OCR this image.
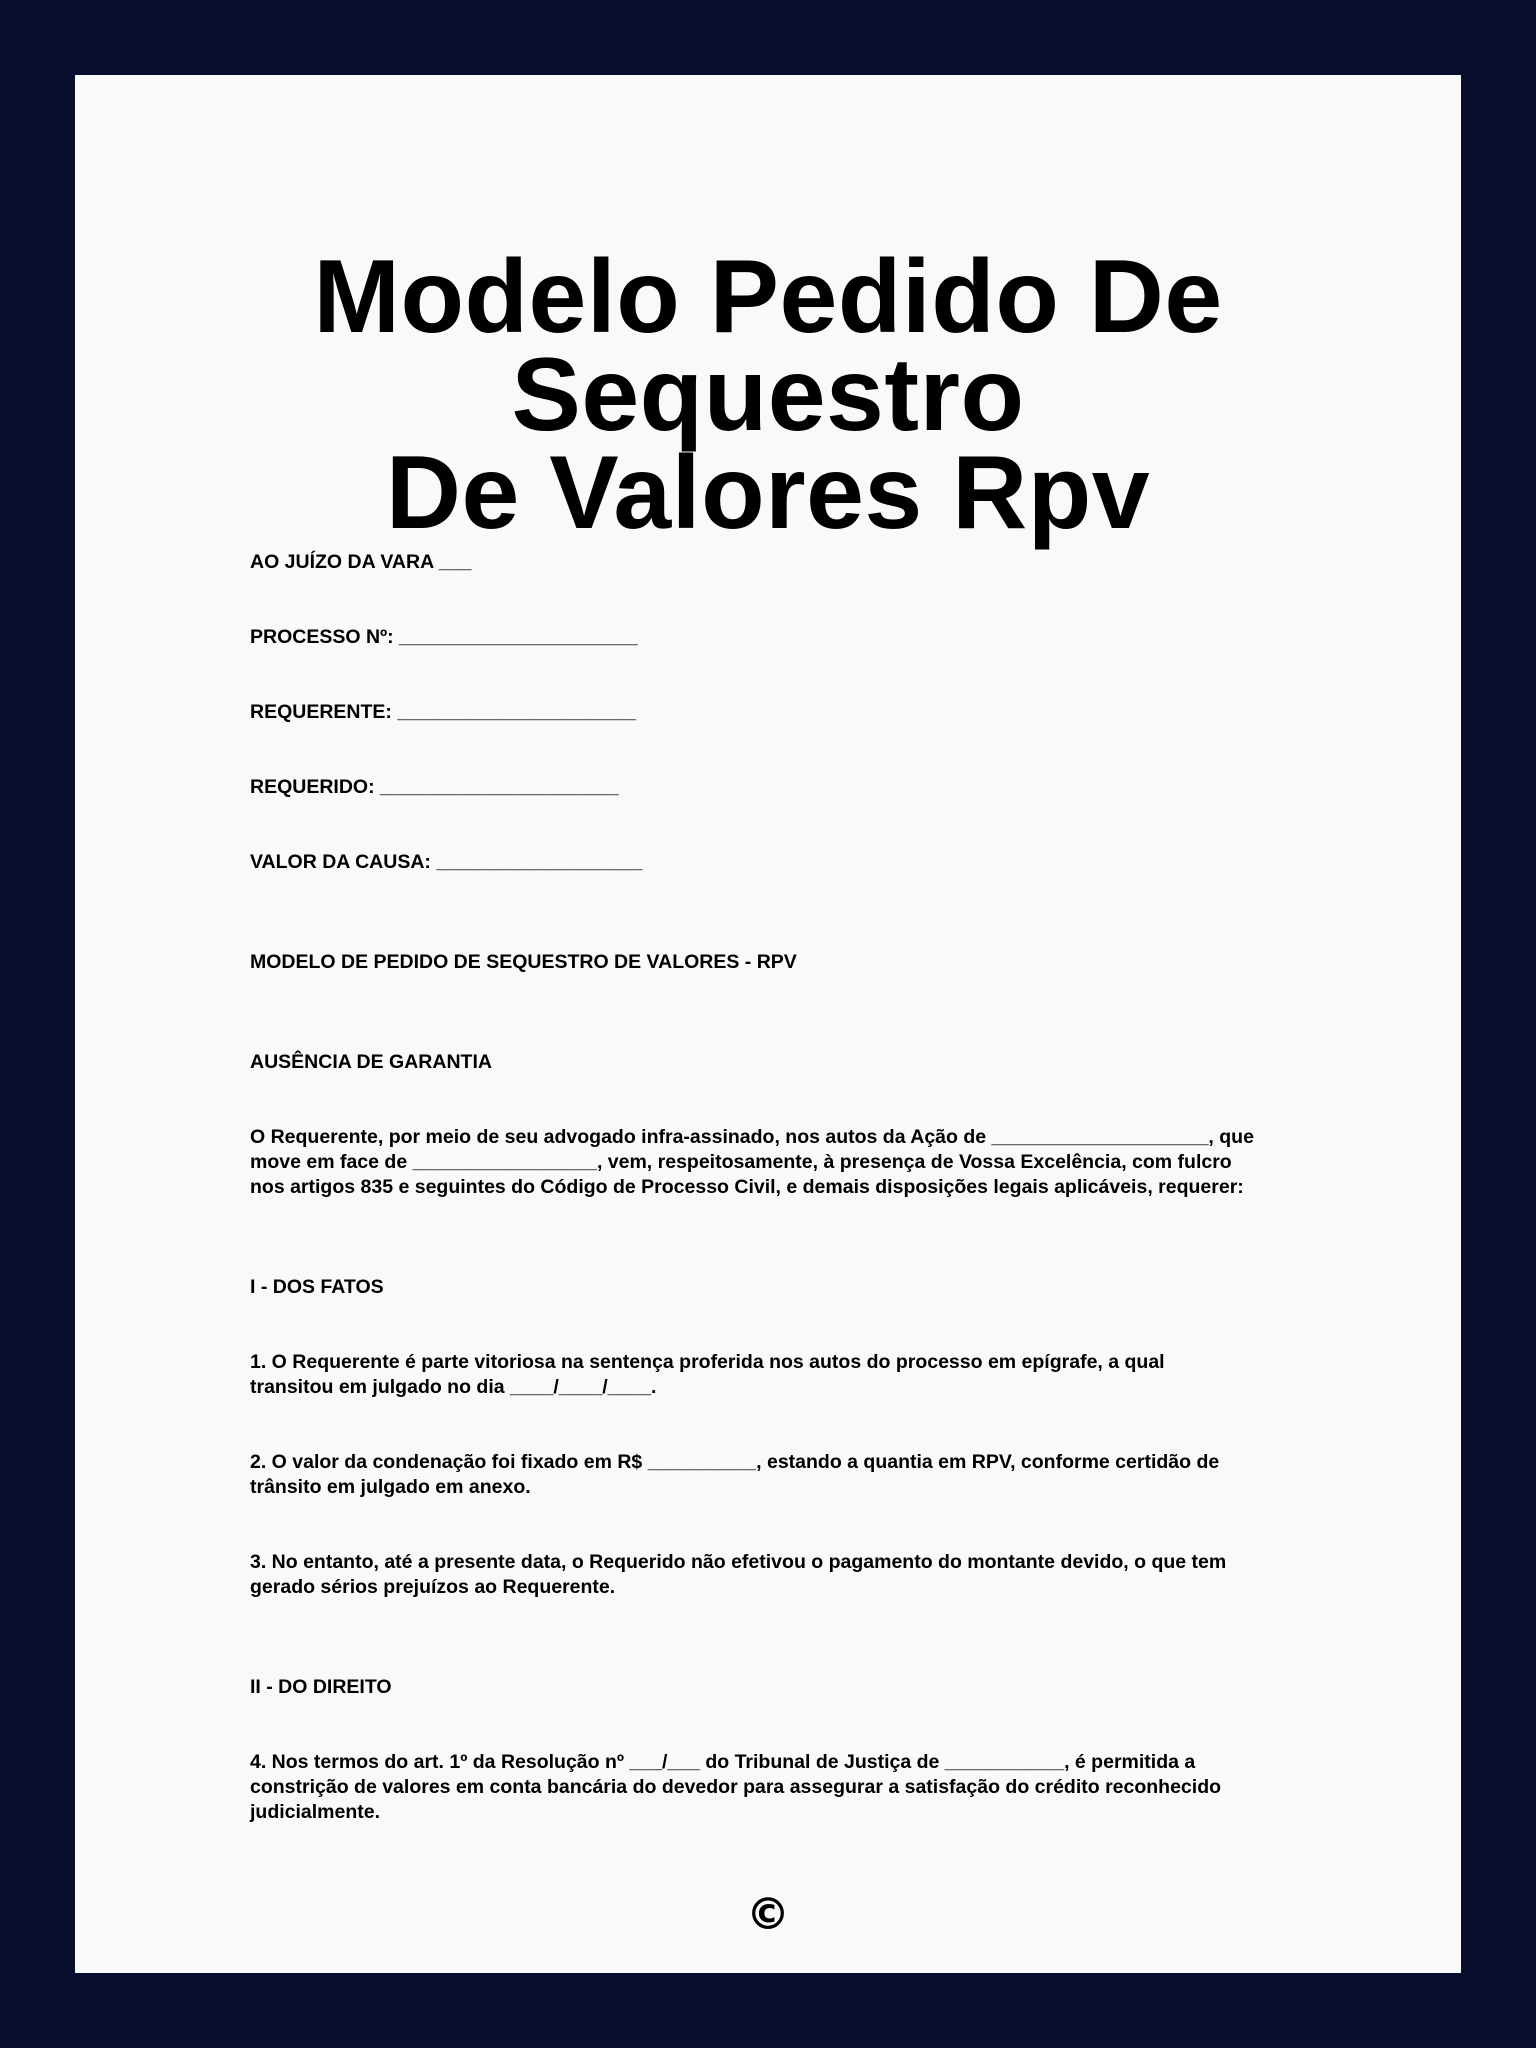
Modelo Pedido De Sequestro
De Valores Rpv

AO JUÍZO DA VARA ___

PROCESSO Nº: ______________________

REQUERENTE: ______________________

REQUERIDO: ______________________

VALOR DA CAUSA: ___________________

MODELO DE PEDIDO DE SEQUESTRO DE VALORES - RPV

AUSÊNCIA DE GARANTIA

O Requerente, por meio de seu advogado infra-assinado, nos autos da Ação de ____________________, que
move em face de _________________, vem, respeitosamente, à presença de Vossa Excelência, com fulcro
nos artigos 835 e seguintes do Código de Processo Civil, e demais disposições legais aplicáveis, requerer:

I - DOS FATOS

1. O Requerente é parte vitoriosa na sentença proferida nos autos do processo em epígrafe, a qual
transitou em julgado no dia ____/____/____.
2. O valor da condenação foi fixado em R$ __________, estando a quantia em RPV, conforme certidão de
trânsito em julgado em anexo.
3. No entanto, até a presente data, o Requerido não efetivou o pagamento do montante devido, o que tem
gerado sérios prejuízos ao Requerente.

II - DO DIREITO

4. Nos termos do art. 1º da Resolução nº ___/___ do Tribunal de Justiça de ___________, é permitida a
constrição de valores em conta bancária do devedor para assegurar a satisfação do crédito reconhecido
judicialmente.
©
